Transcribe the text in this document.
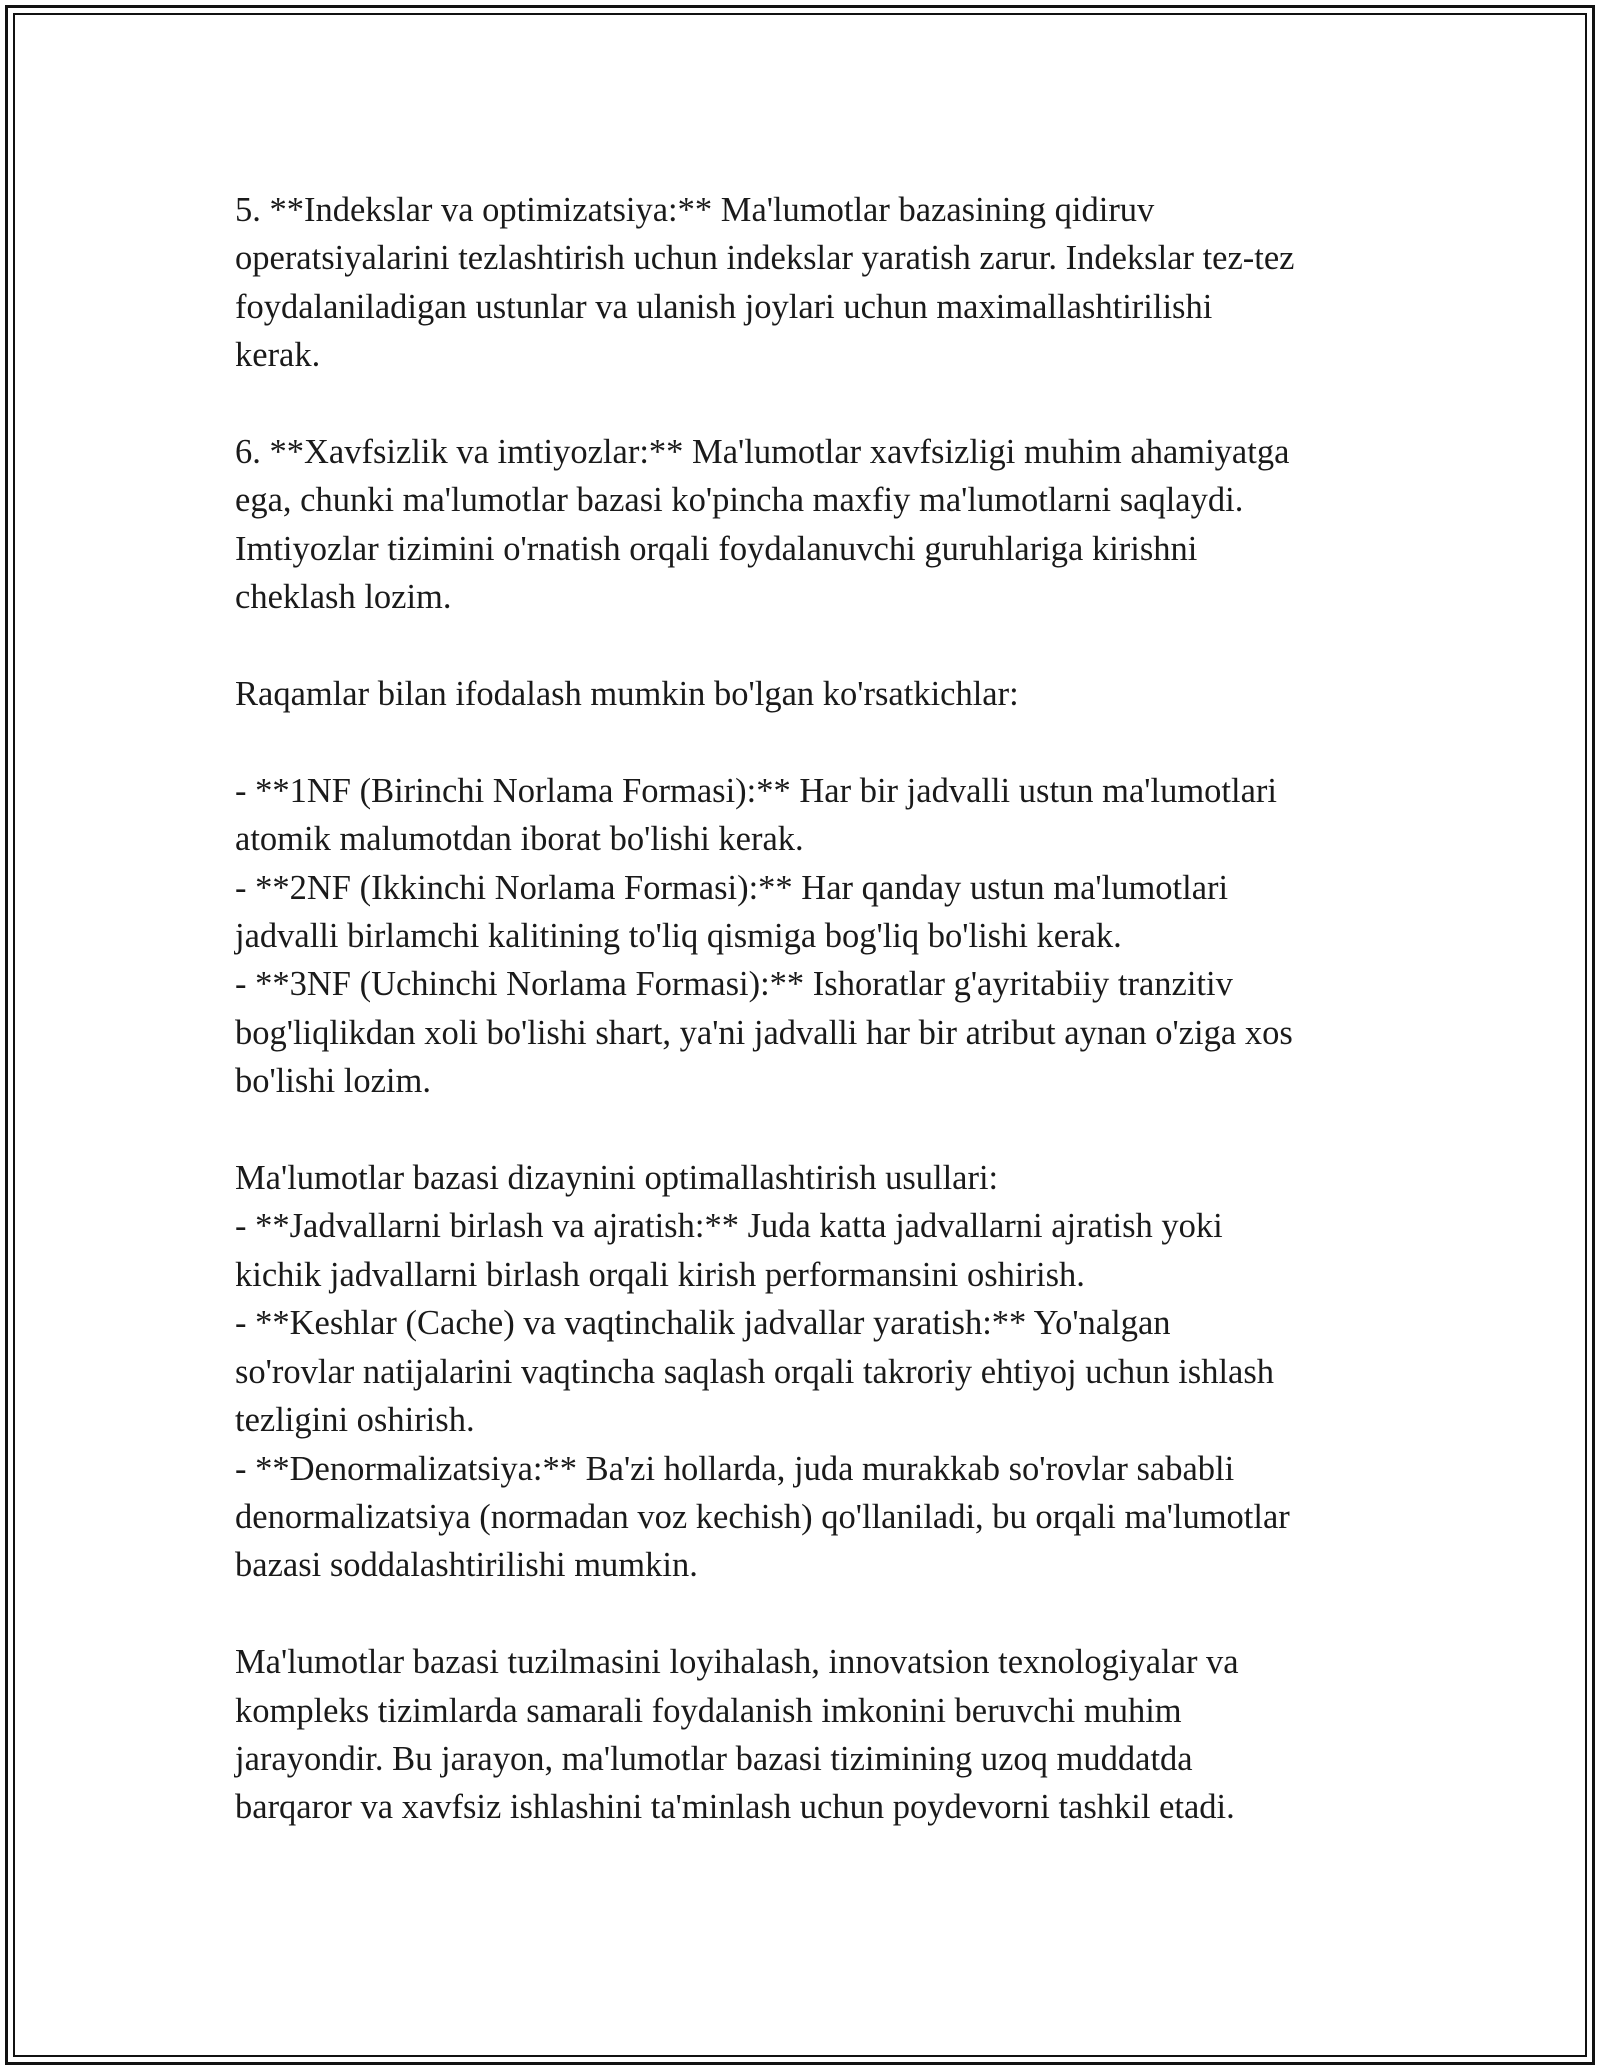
5. **Indekslar va optimizatsiya:** Ma'lumotlar bazasining qidiruv

operatsiyalarini tezlashtirish uchun indekslar yaratish zarur. Indekslar tez-tez

foydalaniladigan ustunlar va ulanish joylari uchun maximallashtirilishi

kerak.

6. **Xavfsizlik va imtiyozlar:** Ma'lumotlar xavfsizligi muhim ahamiyatga

ega, chunki ma'lumotlar bazasi ko'pincha maxfiy ma'lumotlarni saqlaydi.

Imtiyozlar tizimini o'rnatish orqali foydalanuvchi guruhlariga kirishni

cheklash lozim.

Raqamlar bilan ifodalash mumkin bo'lgan ko'rsatkichlar:

- **1NF (Birinchi Norlama Formasi):** Har bir jadvalli ustun ma'lumotlari

atomik malumotdan iborat bo'lishi kerak.

- **2NF (Ikkinchi Norlama Formasi):** Har qanday ustun ma'lumotlari

jadvalli birlamchi kalitining to'liq qismiga bog'liq bo'lishi kerak.

- **3NF (Uchinchi Norlama Formasi):** Ishoratlar g'ayritabiiy tranzitiv

bog'liqlikdan xoli bo'lishi shart, ya'ni jadvalli har bir atribut aynan o'ziga xos

bo'lishi lozim.

Ma'lumotlar bazasi dizaynini optimallashtirish usullari:

- **Jadvallarni birlash va ajratish:** Juda katta jadvallarni ajratish yoki

kichik jadvallarni birlash orqali kirish performansini oshirish.

- **Keshlar (Cache) va vaqtinchalik jadvallar yaratish:** Yo'nalgan

so'rovlar natijalarini vaqtincha saqlash orqali takroriy ehtiyoj uchun ishlash

tezligini oshirish.

- **Denormalizatsiya:** Ba'zi hollarda, juda murakkab so'rovlar sababli

denormalizatsiya (normadan voz kechish) qo'llaniladi, bu orqali ma'lumotlar

bazasi soddalashtirilishi mumkin.

Ma'lumotlar bazasi tuzilmasini loyihalash, innovatsion texnologiyalar va

kompleks tizimlarda samarali foydalanish imkonini beruvchi muhim

jarayondir. Bu jarayon, ma'lumotlar bazasi tizimining uzoq muddatda

barqaror va xavfsiz ishlashini ta'minlash uchun poydevorni tashkil etadi.
